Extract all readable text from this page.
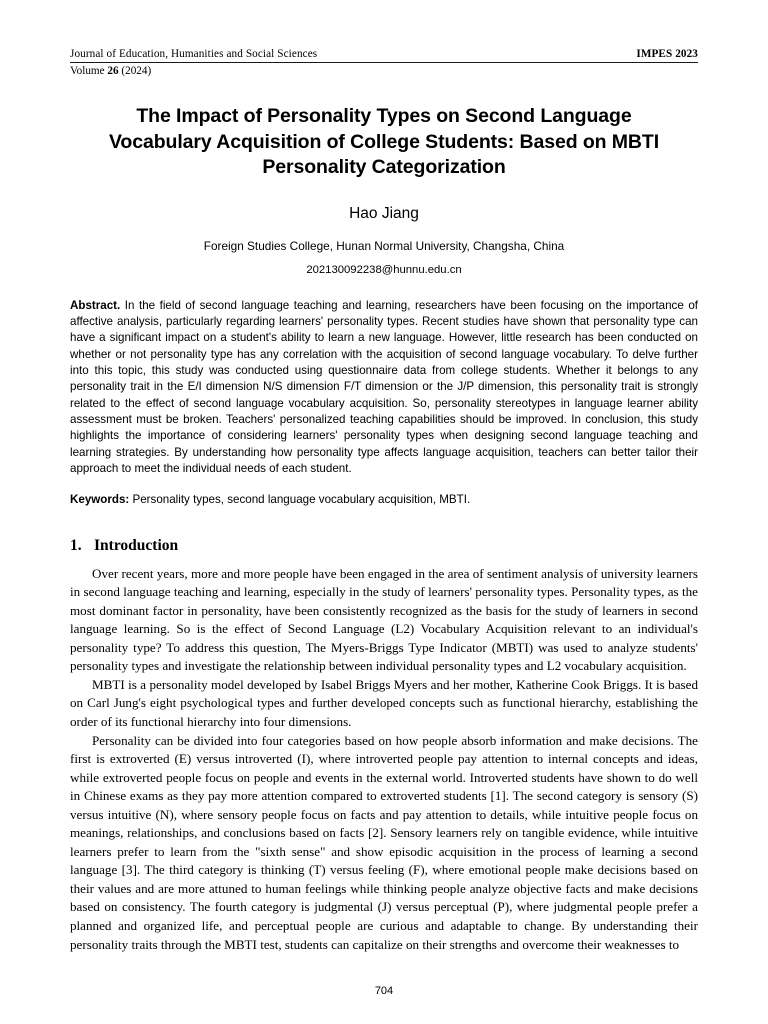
Journal of Education, Humanities and Social Sciences	IMPES 2023
Volume 26 (2024)
The Impact of Personality Types on Second Language Vocabulary Acquisition of College Students: Based on MBTI Personality Categorization
Hao Jiang
Foreign Studies College, Hunan Normal University, Changsha, China
202130092238@hunnu.edu.cn
Abstract. In the field of second language teaching and learning, researchers have been focusing on the importance of affective analysis, particularly regarding learners' personality types. Recent studies have shown that personality type can have a significant impact on a student's ability to learn a new language. However, little research has been conducted on whether or not personality type has any correlation with the acquisition of second language vocabulary. To delve further into this topic, this study was conducted using questionnaire data from college students. Whether it belongs to any personality trait in the E/I dimension N/S dimension F/T dimension or the J/P dimension, this personality trait is strongly related to the effect of second language vocabulary acquisition. So, personality stereotypes in language learner ability assessment must be broken. Teachers' personalized teaching capabilities should be improved. In conclusion, this study highlights the importance of considering learners' personality types when designing second language teaching and learning strategies. By understanding how personality type affects language acquisition, teachers can better tailor their approach to meet the individual needs of each student.
Keywords: Personality types, second language vocabulary acquisition, MBTI.
1. Introduction

Over recent years, more and more people have been engaged in the area of sentiment analysis of university learners in second language teaching and learning, especially in the study of learners' personality types. Personality types, as the most dominant factor in personality, have been consistently recognized as the basis for the study of learners in second language learning. So is the effect of Second Language (L2) Vocabulary Acquisition relevant to an individual's personality type? To address this question, The Myers-Briggs Type Indicator (MBTI) was used to analyze students' personality types and investigate the relationship between individual personality types and L2 vocabulary acquisition.

MBTI is a personality model developed by Isabel Briggs Myers and her mother, Katherine Cook Briggs. It is based on Carl Jung's eight psychological types and further developed concepts such as functional hierarchy, establishing the order of its functional hierarchy into four dimensions.

Personality can be divided into four categories based on how people absorb information and make decisions. The first is extroverted (E) versus introverted (I), where introverted people pay attention to internal concepts and ideas, while extroverted people focus on people and events in the external world. Introverted students have shown to do well in Chinese exams as they pay more attention compared to extroverted students [1]. The second category is sensory (S) versus intuitive (N), where sensory people focus on facts and pay attention to details, while intuitive people focus on meanings, relationships, and conclusions based on facts [2]. Sensory learners rely on tangible evidence, while intuitive learners prefer to learn from the "sixth sense" and show episodic acquisition in the process of learning a second language [3]. The third category is thinking (T) versus feeling (F), where emotional people make decisions based on their values and are more attuned to human feelings while thinking people analyze objective facts and make decisions based on consistency. The fourth category is judgmental (J) versus perceptual (P), where judgmental people prefer a planned and organized life, and perceptual people are curious and adaptable to change. By understanding their personality traits through the MBTI test, students can capitalize on their strengths and overcome their weaknesses to

704
